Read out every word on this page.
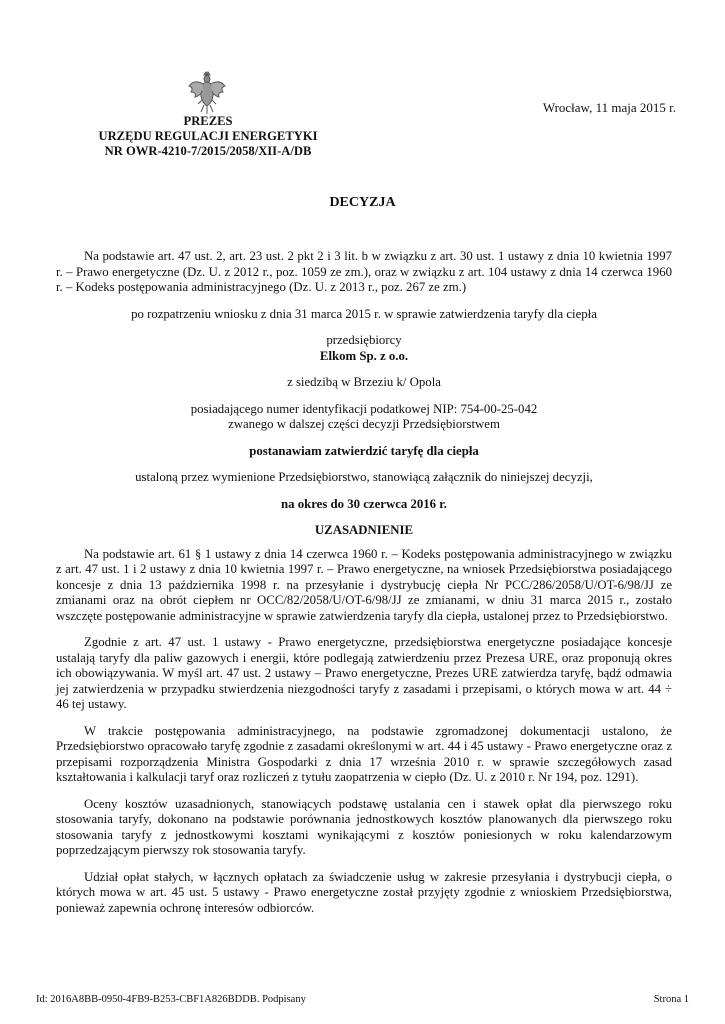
PREZES
URZĘDU REGULACJI ENERGETYKI
NR OWR-4210-7/2015/2058/XII-A/DB
Wrocław, 11 maja 2015 r.
DECYZJA

Na podstawie art. 47 ust. 2, art. 23 ust. 2 pkt 2 i 3 lit. b w związku z art. 30 ust. 1 ustawy z dnia 10 kwietnia 1997 r. – Prawo energetyczne (Dz. U. z 2012 r., poz. 1059 ze zm.), oraz w związku z art. 104 ustawy z dnia 14 czerwca 1960 r. – Kodeks postępowania administracyjnego (Dz. U. z 2013 r., poz. 267 ze zm.)

po rozpatrzeniu wniosku z dnia 31 marca 2015 r. w sprawie zatwierdzenia taryfy dla ciepła

przedsiębiorcy

Elkom Sp. z o.o.

z siedzibą w Brzeziu k/ Opola

posiadającego numer identyfikacji podatkowej NIP: 754-00-25-042

zwanego w dalszej części decyzji Przedsiębiorstwem

postanawiam zatwierdzić taryfę dla ciepła

ustaloną przez wymienione Przedsiębiorstwo, stanowiącą załącznik do niniejszej decyzji,

na okres do 30 czerwca 2016 r.

UZASADNIENIE

Na podstawie art. 61 § 1 ustawy z dnia 14 czerwca 1960 r. – Kodeks postępowania administracyjnego w związku z art. 47 ust. 1 i 2 ustawy z dnia 10 kwietnia 1997 r. – Prawo energetyczne, na wniosek Przedsiębiorstwa posiadającego koncesje z dnia 13 października 1998 r. na przesyłanie i dystrybucję ciepła Nr PCC/286/2058/U/OT-6/98/JJ ze zmianami oraz na obrót ciepłem nr OCC/82/2058/U/OT-6/98/JJ ze zmianami, w dniu 31 marca 2015 r., zostało wszczęte postępowanie administracyjne w sprawie zatwierdzenia taryfy dla ciepła, ustalonej przez to Przedsiębiorstwo.

Zgodnie z art. 47 ust. 1 ustawy - Prawo energetyczne, przedsiębiorstwa energetyczne posiadające koncesje ustalają taryfy dla paliw gazowych i energii, które podlegają zatwierdzeniu przez Prezesa URE, oraz proponują okres ich obowiązywania. W myśl art. 47 ust. 2 ustawy – Prawo energetyczne, Prezes URE zatwierdza taryfę, bądź odmawia jej zatwierdzenia w przypadku stwierdzenia niezgodności taryfy z zasadami i przepisami, o których mowa w art. 44 ÷ 46 tej ustawy.

W trakcie postępowania administracyjnego, na podstawie zgromadzonej dokumentacji ustalono, że Przedsiębiorstwo opracowało taryfę zgodnie z zasadami określonymi w art. 44 i 45 ustawy - Prawo energetyczne oraz z przepisami rozporządzenia Ministra Gospodarki z dnia 17 września 2010 r. w sprawie szczegółowych zasad kształtowania i kalkulacji taryf oraz rozliczeń z tytułu zaopatrzenia w ciepło (Dz. U. z 2010 r. Nr 194, poz. 1291).

Oceny kosztów uzasadnionych, stanowiących podstawę ustalania cen i stawek opłat dla pierwszego roku stosowania taryfy, dokonano na podstawie porównania jednostkowych kosztów planowanych dla pierwszego roku stosowania taryfy z jednostkowymi kosztami wynikającymi z kosztów poniesionych w roku kalendarzowym poprzedzającym pierwszy rok stosowania taryfy.

Udział opłat stałych, w łącznych opłatach za świadczenie usług w zakresie przesyłania i dystrybucji ciepła, o których mowa w art. 45 ust. 5 ustawy - Prawo energetyczne został przyjęty zgodnie z wnioskiem Przedsiębiorstwa, ponieważ zapewnia ochronę interesów odbiorców.

Id: 2016A8BB-0950-4FB9-B253-CBF1A826BDDB. Podpisany	Strona 1
